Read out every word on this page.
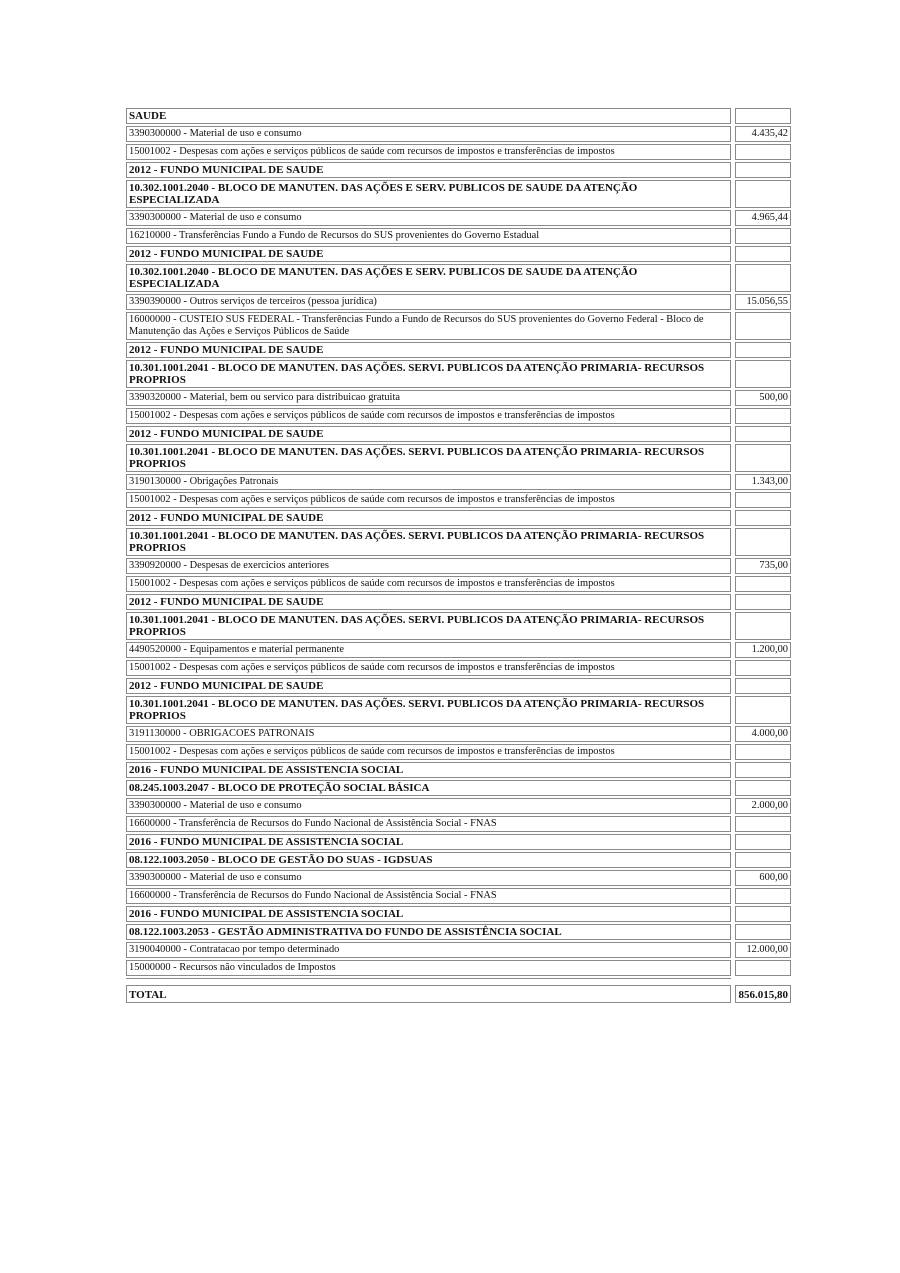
SAUDE
3390300000 - Material de uso e consumo	4.435,42
15001002 - Despesas com ações e serviços públicos de saúde com recursos de impostos e transferências de impostos
2012 - FUNDO MUNICIPAL DE SAUDE
10.302.1001.2040 - BLOCO DE MANUTEN. DAS AÇÕES E SERV. PUBLICOS DE SAUDE DA ATENÇÃO ESPECIALIZADA
3390300000 - Material de uso e consumo	4.965,44
16210000 - Transferências Fundo a Fundo de Recursos do SUS provenientes do Governo Estadual
2012 - FUNDO MUNICIPAL DE SAUDE
10.302.1001.2040 - BLOCO DE MANUTEN. DAS AÇÕES E SERV. PUBLICOS DE SAUDE DA ATENÇÃO ESPECIALIZADA
3390390000 - Outros serviços de terceiros (pessoa jurídica)	15.056,55
16000000 - CUSTEIO SUS FEDERAL - Transferências Fundo a Fundo de Recursos do SUS provenientes do Governo Federal - Bloco de Manutenção das Ações e Serviços Públicos de Saúde
2012 - FUNDO MUNICIPAL DE SAUDE
10.301.1001.2041 - BLOCO DE MANUTEN. DAS AÇÕES. SERVI. PUBLICOS DA ATENÇÃO PRIMARIA- RECURSOS PROPRIOS
3390320000 - Material, bem ou servico para distribuicao gratuita	500,00
15001002 - Despesas com ações e serviços públicos de saúde com recursos de impostos e transferências de impostos
2012 - FUNDO MUNICIPAL DE SAUDE
10.301.1001.2041 - BLOCO DE MANUTEN. DAS AÇÕES. SERVI. PUBLICOS DA ATENÇÃO PRIMARIA- RECURSOS PROPRIOS
3190130000 - Obrigações Patronais	1.343,00
15001002 - Despesas com ações e serviços públicos de saúde com recursos de impostos e transferências de impostos
2012 - FUNDO MUNICIPAL DE SAUDE
10.301.1001.2041 - BLOCO DE MANUTEN. DAS AÇÕES. SERVI. PUBLICOS DA ATENÇÃO PRIMARIA- RECURSOS PROPRIOS
3390920000 - Despesas de exercicios anteriores	735,00
15001002 - Despesas com ações e serviços públicos de saúde com recursos de impostos e transferências de impostos
2012 - FUNDO MUNICIPAL DE SAUDE
10.301.1001.2041 - BLOCO DE MANUTEN. DAS AÇÕES. SERVI. PUBLICOS DA ATENÇÃO PRIMARIA- RECURSOS PROPRIOS
4490520000 - Equipamentos e material permanente	1.200,00
15001002 - Despesas com ações e serviços públicos de saúde com recursos de impostos e transferências de impostos
2012 - FUNDO MUNICIPAL DE SAUDE
10.301.1001.2041 - BLOCO DE MANUTEN. DAS AÇÕES. SERVI. PUBLICOS DA ATENÇÃO PRIMARIA- RECURSOS PROPRIOS
3191130000 - OBRIGACOES PATRONAIS	4.000,00
15001002 - Despesas com ações e serviços públicos de saúde com recursos de impostos e transferências de impostos
2016 - FUNDO MUNICIPAL DE ASSISTENCIA SOCIAL
08.245.1003.2047 - BLOCO DE PROTEÇÃO SOCIAL BÁSICA
3390300000 - Material de uso e consumo	2.000,00
16600000 - Transferência de Recursos do Fundo Nacional de Assistência Social - FNAS
2016 - FUNDO MUNICIPAL DE ASSISTENCIA SOCIAL
08.122.1003.2050 - BLOCO DE GESTÃO DO SUAS - IGDSUAS
3390300000 - Material de uso e consumo	600,00
16600000 - Transferência de Recursos do Fundo Nacional de Assistência Social - FNAS
2016 - FUNDO MUNICIPAL DE ASSISTENCIA SOCIAL
08.122.1003.2053 - GESTÃO ADMINISTRATIVA DO FUNDO DE ASSISTÊNCIA SOCIAL
3190040000 - Contratacao por tempo determinado	12.000,00
15000000 - Recursos não vinculados de Impostos
TOTAL	856.015,80
